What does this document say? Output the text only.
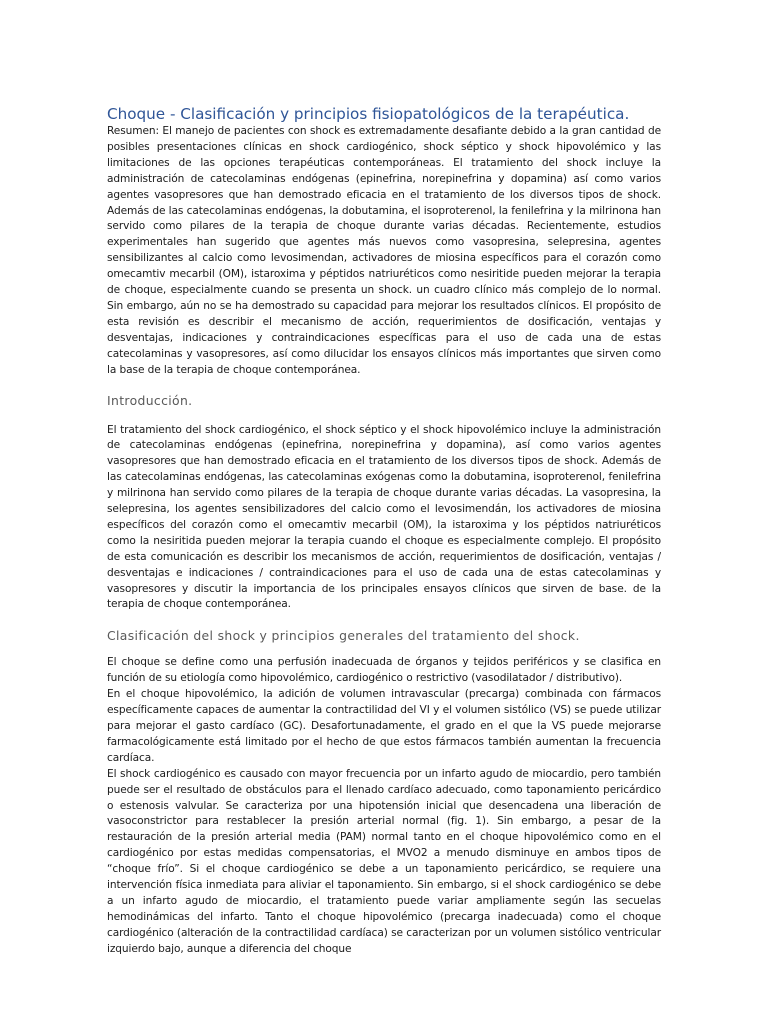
Choque - Clasificación y principios fisiopatológicos de la terapéutica.

Resumen: El manejo de pacientes con shock es extremadamente desafiante debido a la gran cantidad de posibles presentaciones clínicas en shock cardiogénico, shock séptico y shock hipovolémico y las limitaciones de las opciones terapéuticas contemporáneas. El tratamiento del shock incluye la administración de catecolaminas endógenas (epinefrina, norepinefrina y dopamina) así como varios agentes vasopresores que han demostrado eficacia en el tratamiento de los diversos tipos de shock. Además de las catecolaminas endógenas, la dobutamina, el isoproterenol, la fenilefrina y la milrinona han servido como pilares de la terapia de choque durante varias décadas. Recientemente, estudios experimentales han sugerido que agentes más nuevos como vasopresina, selepresina, agentes sensibilizantes al calcio como levosimendan, activadores de miosina específicos para el corazón como omecamtiv mecarbil (OM), istaroxima y péptidos natriuréticos como nesiritide pueden mejorar la terapia de choque, especialmente cuando se presenta un shock. un cuadro clínico más complejo de lo normal. Sin embargo, aún no se ha demostrado su capacidad para mejorar los resultados clínicos. El propósito de esta revisión es describir el mecanismo de acción, requerimientos de dosificación, ventajas y desventajas, indicaciones y contraindicaciones específicas para el uso de cada una de estas catecolaminas y vasopresores, así como dilucidar los ensayos clínicos más importantes que sirven como la base de la terapia de choque contemporánea.

Introducción.

El tratamiento del shock cardiogénico, el shock séptico y el shock hipovolémico incluye la administración de catecolaminas endógenas (epinefrina, norepinefrina y dopamina), así como varios agentes vasopresores que han demostrado eficacia en el tratamiento de los diversos tipos de shock. Además de las catecolaminas endógenas, las catecolaminas exógenas como la dobutamina, isoproterenol, fenilefrina y milrinona han servido como pilares de la terapia de choque durante varias décadas. La vasopresina, la selepresina, los agentes sensibilizadores del calcio como el levosimendán, los activadores de miosina específicos del corazón como el omecamtiv mecarbil (OM), la istaroxima y los péptidos natriuréticos como la nesiritida pueden mejorar la terapia cuando el choque es especialmente complejo. El propósito de esta comunicación es describir los mecanismos de acción, requerimientos de dosificación, ventajas / desventajas e indicaciones / contraindicaciones para el uso de cada una de estas catecolaminas y vasopresores y discutir la importancia de los principales ensayos clínicos que sirven de base. de la terapia de choque contemporánea.

Clasificación del shock y principios generales del tratamiento del shock.

El choque se define como una perfusión inadecuada de órganos y tejidos periféricos y se clasifica en función de su etiología como hipovolémico, cardiogénico o restrictivo (vasodilatador / distributivo).

En el choque hipovolémico, la adición de volumen intravascular (precarga) combinada con fármacos específicamente capaces de aumentar la contractilidad del VI y el volumen sistólico (VS) se puede utilizar para mejorar el gasto cardíaco (GC). Desafortunadamente, el grado en el que la VS puede mejorarse farmacológicamente está limitado por el hecho de que estos fármacos también aumentan la frecuencia cardíaca.

El shock cardiogénico es causado con mayor frecuencia por un infarto agudo de miocardio, pero también puede ser el resultado de obstáculos para el llenado cardíaco adecuado, como taponamiento pericárdico o estenosis valvular. Se caracteriza por una hipotensión inicial que desencadena una liberación de vasoconstrictor para restablecer la presión arterial normal (fig. 1). Sin embargo, a pesar de la restauración de la presión arterial media (PAM) normal tanto en el choque hipovolémico como en el cardiogénico por estas medidas compensatorias, el MVO2 a menudo disminuye en ambos tipos de “choque frío”. Si el choque cardiogénico se debe a un taponamiento pericárdico, se requiere una intervención física inmediata para aliviar el taponamiento. Sin embargo, si el shock cardiogénico se debe a un infarto agudo de miocardio, el tratamiento puede variar ampliamente según las secuelas hemodinámicas del infarto. Tanto el choque hipovolémico (precarga inadecuada) como el choque cardiogénico (alteración de la contractilidad cardíaca) se caracterizan por un volumen sistólico ventricular izquierdo bajo, aunque a diferencia del choque
